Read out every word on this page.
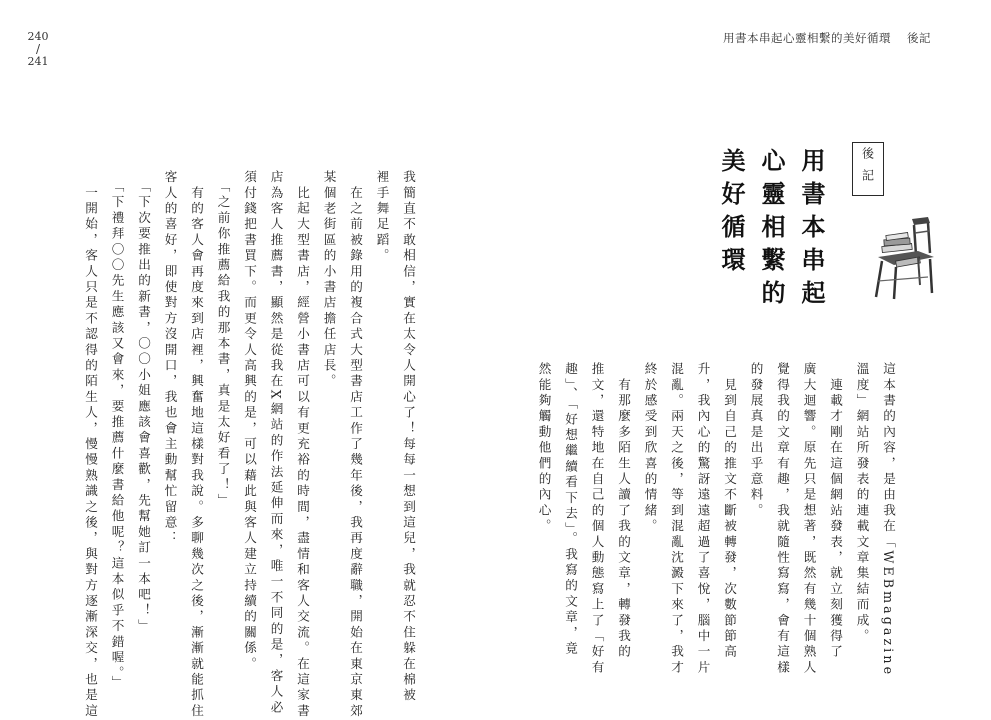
240
/
241
用書本串起心靈相繫的美好循環 後記
後記
用書本串起
心靈相繫的
美好循環

這本書的內容，是由我在「WEBmagazine

溫度」網站所發表的連載文章集結而成。

　連載才剛在這個網站發表，就立刻獲得了

廣大迴響。原先只是想著，既然有幾十個熟人

覺得我的文章有趣，我就隨性寫寫，會有這樣

的發展真是出乎意料。

　見到自己的推文不斷被轉發，次數節節高

升，我內心的驚訝遠遠超過了喜悅，腦中一片

混亂。兩天之後，等到混亂沈澱下來了，我才

終於感受到欣喜的情緒。

　有那麼多陌生人讀了我的文章，轉發我的

推文，還特地在自己的個人動態寫上了「好有

趣」、「好想繼續看下去」。我寫的文章，竟

然能夠觸動他們的內心。

我簡直不敢相信，實在太令人開心了！每每一想到這兒，我就忍不住躲在棉被

裡手舞足蹈。

　在之前被錄用的複合式大型書店工作了幾年後，我再度辭職，開始在東京東郊

某個老街區的小書店擔任店長。

　比起大型書店，經營小書店可以有更充裕的時間，盡情和客人交流。在這家書

店為客人推薦書，顯然是從我在X網站的作法延伸而來，唯一不同的是，客人必

須付錢把書買下。而更令人高興的是，可以藉此與客人建立持續的關係。

　「之前你推薦給我的那本書，真是太好看了！」

　有的客人會再度來到店裡，興奮地這樣對我說。多聊幾次之後，漸漸就能抓住

客人的喜好，即使對方沒開口，我也會主動幫忙留意：

　「下次要推出的新書，〇〇小姐應該會喜歡，先幫她訂一本吧！」

　「下禮拜〇〇先生應該又會來，要推薦什麼書給他呢？這本似乎不錯喔。」

　一開始，客人只是不認得的陌生人，慢慢熟識之後，與對方逐漸深交，也是這
